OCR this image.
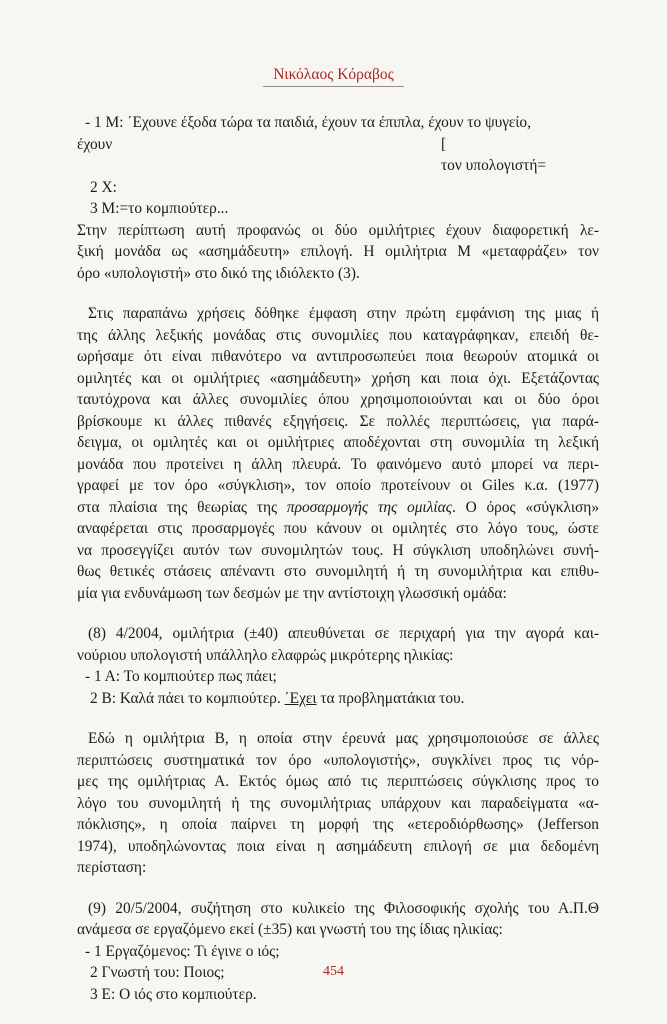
Νικόλαος Κόραβος
- 1 Μ: ΄Εχουνε έξοδα τώρα τα παιδιά, έχουν τα έπιπλα, έχουν το ψυγείο,
έχουν	[
τον υπολογιστή=
2 Χ:
3 Μ:=το κομπιούτερ...
Στην περίπτωση αυτή προφανώς οι δύο ομιλήτριες έχουν διαφορετική λε-
ξική μονάδα ως «ασημάδευτη» επιλογή. Η ομιλήτρια Μ «μεταφράζει» τον
όρο «υπολογιστή» στο δικό της ιδιόλεκτο (3).
Στις παραπάνω χρήσεις δόθηκε έμφαση στην πρώτη εμφάνιση της μιας ή
της άλλης λεξικής μονάδας στις συνομιλίες που καταγράφηκαν, επειδή θε-
ωρήσαμε ότι είναι πιθανότερο να αντιπροσωπεύει ποια θεωρούν ατομικά οι
ομιλητές και οι ομιλήτριες «ασημάδευτη» χρήση και ποια όχι. Εξετάζοντας
ταυτόχρονα και άλλες συνομιλίες όπου χρησιμοποιούνται και οι δύο όροι
βρίσκουμε κι άλλες πιθανές εξηγήσεις. Σε πολλές περιπτώσεις, για παρά-
δειγμα, οι ομιλητές και οι ομιλήτριες αποδέχονται στη συνομιλία τη λεξική
μονάδα που προτείνει η άλλη πλευρά. Το φαινόμενο αυτό μπορεί να περι-
γραφεί με τον όρο «σύγκλιση», τον οποίο προτείνουν οι Giles κ.α. (1977)
στα πλαίσια της θεωρίας της προσαρμογής της ομιλίας. Ο όρος «σύγκλιση»
αναφέρεται στις προσαρμογές που κάνουν οι ομιλητές στο λόγο τους, ώστε
να προσεγγίζει αυτόν των συνομιλητών τους. Η σύγκλιση υποδηλώνει συνή-
θως θετικές στάσεις απέναντι στο συνομιλητή ή τη συνομιλήτρια και επιθυ-
μία για ενδυνάμωση των δεσμών με την αντίστοιχη γλωσσική ομάδα:
(8) 4/2004, ομιλήτρια (±40) απευθύνεται σε περιχαρή για την αγορά και-
νούριου υπολογιστή υπάλληλο ελαφρώς μικρότερης ηλικίας:
- 1 Α: Το κομπιούτερ πως πάει;
2 Β: Καλά πάει το κομπιούτερ. ΄Εχει τα προβληματάκια του.
Εδώ η ομιλήτρια Β, η οποία στην έρευνά μας χρησιμοποιούσε σε άλλες
περιπτώσεις συστηματικά τον όρο «υπολογιστής», συγκλίνει προς τις νόρ-
μες της ομιλήτριας Α. Εκτός όμως από τις περιπτώσεις σύγκλισης προς το
λόγο του συνομιλητή ή της συνομιλήτριας υπάρχουν και παραδείγματα «α-
πόκλισης», η οποία παίρνει τη μορφή της «ετεροδιόρθωσης» (Jefferson
1974), υποδηλώνοντας ποια είναι η ασημάδευτη επιλογή σε μια δεδομένη
περίσταση:
(9) 20/5/2004, συζήτηση στο κυλικείο της Φιλοσοφικής σχολής του Α.Π.Θ
ανάμεσα σε εργαζόμενο εκεί (±35) και γνωστή του της ίδιας ηλικίας:
- 1 Εργαζόμενος: Τι έγινε ο ιός;
2 Γνωστή του: Ποιος;
3 Ε: Ο ιός στο κομπιούτερ.
454
